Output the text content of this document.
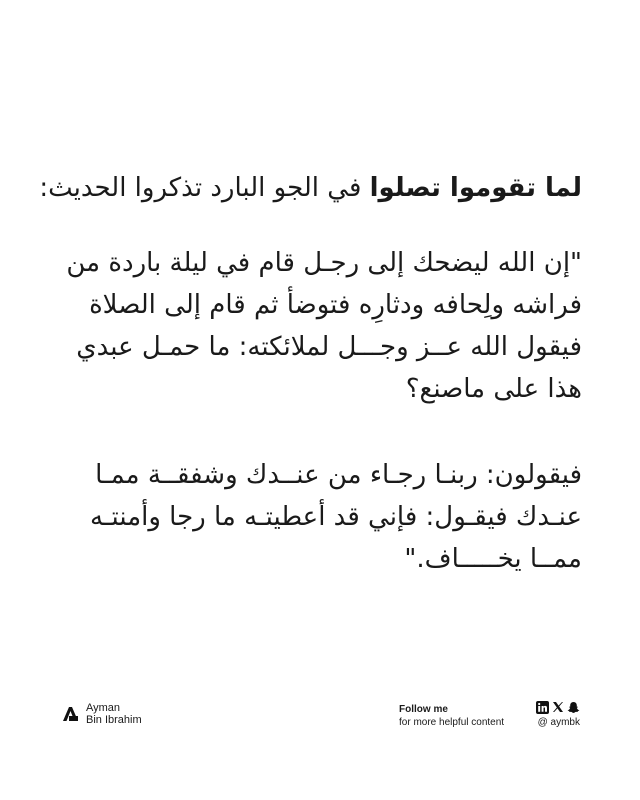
لما تقوموا تصلوا في الجو البارد تذكروا الحديث:
"إن الله ليضحك إلى رجـل قام في ليلة باردة من
فراشه ولِحافه ودثارِه فتوضأ ثم قام إلى الصلاة
فيقول الله عــز وجـــل لملائكته: ما حمـل عبدي
هذا على ماصنع؟
فيقولون: ربنـا رجـاء من عنــدك وشفقــة ممـا
عنـدك فيقـول: فإني قد أعطيتـه ما رجا وأمنتـه
ممــا يخـــــاف."
Ayman
Bin Ibrahim
Follow me
for more helpful content	@ aymbk
